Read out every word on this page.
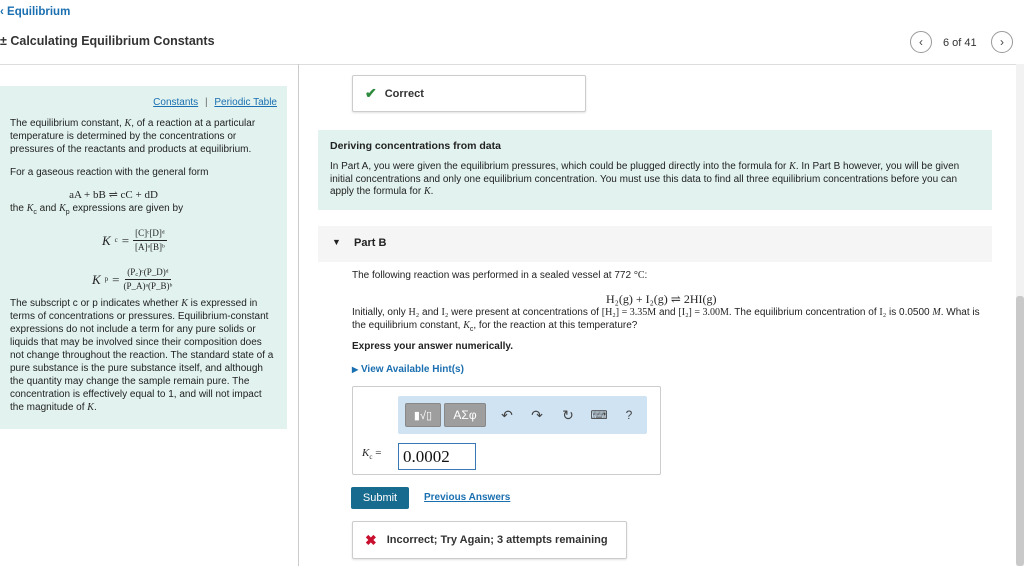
‹ Equilibrium
± Calculating Equilibrium Constants	‹ 6 of 41 ›
Constants | Periodic Table

The equilibrium constant, K, of a reaction at a particular temperature is determined by the concentrations or pressures of the reactants and products at equilibrium.

For a gaseous reaction with the general form

aA + bB ⇌ cC + dD

the $K_c$ and $K_p$ expressions are given by

K $c = \frac{\text{[C]ᶜ[D]ᵈ}}{\text{[A]ᵃ[B]ᵇ}}$
K $p = \frac{\text{(P꜀)ᶜ(P\_D)ᵈ}}{\text{(P\_A)ᵃ(P\_B)ᵇ}}$

The subscript c or p indicates whether K is expressed in terms of concentrations or pressures. Equilibrium-constant expressions do not include a term for any pure solids or liquids that may be involved since their composition does not change throughout the reaction. The standard state of a pure substance is the pure substance itself, and although the quantity may change the sample remain pure. The concentration is effectively equal to 1, and will not impact the magnitude of K.

✔ Correct
Deriving concentrations from data

In Part A, you were given the equilibrium pressures, which could be plugged directly into the formula for K. In Part B however, you will be given initial concentrations and only one equilibrium concentration. You must use this data to find all three equilibrium concentrations before you can apply the formula for K.

▼ Part B
The following reaction was performed in a sealed vessel at 772 °C:
H₂(g) + I₂(g) ⇌ 2HI(g)
Initially, only H₂ and I₂ were present at concentrations of [H₂] = 3.35M and [I₂] = 3.00M. The equilibrium concentration of I₂ is 0.0500 M. What is the equilibrium constant, $K_c$, for the reaction at this temperature?
Express your answer numerically.
▶ View Available Hint(s)
▮√▯ ΑΣφ ↶ ↷ ↻ ⌨	?
$K_c = 0.0002$
Submit	Previous Answers
✖ Incorrect; Try Again; 3 attempts remaining
